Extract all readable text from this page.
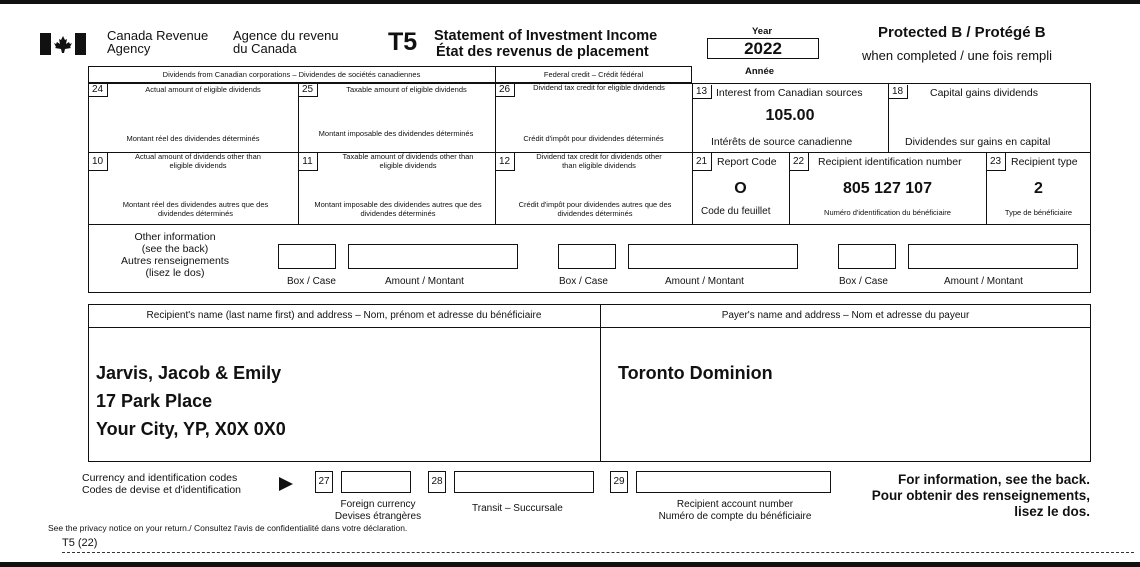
Canada Revenue
Agency
Agence du revenu
du Canada	T5 Statement of Investment Income
État des revenus de placement
Year
2022
Année
Protected B / Protégé B
when completed / une fois rempli
Dividends from Canadian corporations – Dividendes de sociétés canadiennes	Federal credit – Crédit fédéral
24	Actual amount of eligible dividends
Montant réel des dividendes déterminés
25	Taxable amount of eligible dividends
Montant imposable des dividendes déterminés
26	Dividend tax credit for eligible dividends
Crédit d'impôt pour dividendes déterminés
13 Interest from Canadian sources
105.00
Intérêts de source canadienne
18	Capital gains dividends
Dividendes sur gains en capital
10	Actual amount of dividends other than eligible dividends
Montant réel des dividendes autres que des dividendes déterminés
11	Taxable amount of dividends other than eligible dividends
Montant imposable des dividendes autres que des dividendes déterminés
12	Dividend tax credit for dividends other than eligible dividends
Crédit d'impôt pour dividendes autres que des dividendes déterminés
21 Report Code
O
Code du feuillet
22	Recipient identification number
805 127 107
Numéro d'identification du bénéficiaire
23 Recipient type
2
Type de bénéficiaire
Other information
(see the back)
Autres renseignements
(lisez le dos)
Box / Case	Amount / Montant	Box / Case	Amount / Montant	Box / Case	Amount / Montant
Recipient's name (last name first) and address – Nom, prénom et adresse du bénéficiaire	Payer's name and address – Nom et adresse du payeur
Jarvis, Jacob & Emily
17 Park Place
Your City, YP, X0X 0X0
Toronto Dominion
Currency and identification codes
Codes de devise et d'identification
27	28	29
Foreign currency
Devises étrangères
Transit – Succursale	Recipient account number
Numéro de compte du bénéficiaire
For information, see the back.
Pour obtenir des renseignements,
lisez le dos.
See the privacy notice on your return./ Consultez l'avis de confidentialité dans votre déclaration.
T5 (22)
